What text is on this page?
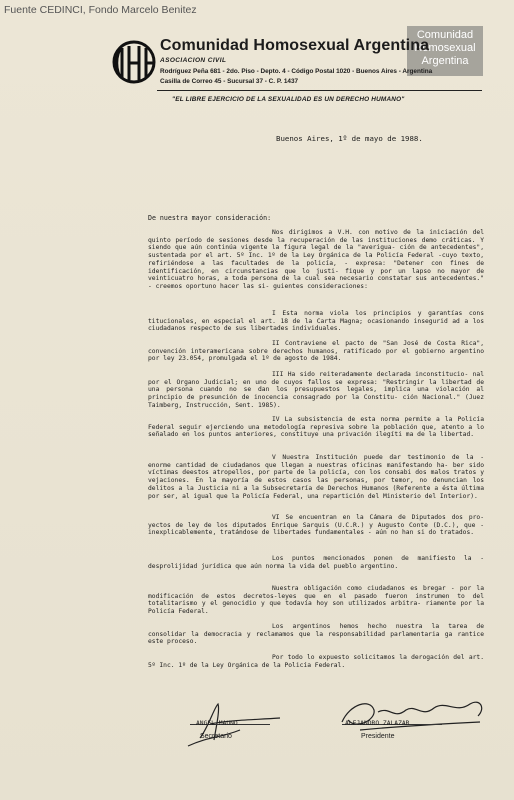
Fuente CEDINCI, Fondo Marcelo Benitez
Comunidad
Homosexual
Argentina
Comunidad Homosexual Argentina
ASOCIACION CIVIL
Rodríguez Peña 681 - 2do. Piso - Depto. 4 - Código Postal 1020 - Buenos Aires - Argentina
Casilla de Correo 45 - Sucursal 37 - C. P. 1437
"EL LIBRE EJERCICIO DE LA SEXUALIDAD ES UN DERECHO HUMANO"
Buenos Aires, 1º de mayo de 1988.
De nuestra mayor consideración:
Nos dirigimos a V.H. con motivo de la iniciación del quinto período de sesiones desde la recuperación de las instituciones demo cráticas. Y siendo que aún continúa vigente la figura legal de la "averigua- ción de antecedentes", sustentada por el art. 5º Inc. 1º de la Ley Orgánica de la Policía Federal -cuyo texto, refiriéndose a las facultades de la policía, - expresa: "Detener con fines de identificación, en circunstancias que lo justi- fique y por un lapso no mayor de veinticuatro horas, a toda persona de la cual sea necesario constatar sus antecedentes." - creemos oportuno hacer las si- guientes consideraciones:
I Esta norma viola los principios y garantías cons titucionales, en especial el art. 18 de la Carta Magna; ocasionando insegurid ad a los ciudadanos respecto de sus libertades individuales.
II Contraviene el pacto de "San José de Costa Rica", convención interamericana sobre derechos humanos, ratificado por el gobierno argentino por ley 23.054, promulgada el 1º de agosto de 1984.
III Ha sido reiteradamente declarada inconstitucio- nal por el Organo Judicial; en uno de cuyos fallos se expresa: "Restringir la libertad de una persona cuando no se dan los presupuestos legales, implica una violación al principio de presunción de inocencia consagrado por la Constitu- ción Nacional." (Juez Taimberg, Instrucción, Sent. 1985).
IV La subsistencia de esta norma permite a la Policía Federal seguir ejerciendo una metodología represiva sobre la población que, atento a lo señalado en los puntos anteriores, constituye una privación ilegíti ma de la libertad.
V Nuestra Institución puede dar testimonio de la - enorme cantidad de ciudadanos que llegan a nuestras oficinas manifestando ha- ber sido víctimas deestos atropellos, por parte de la policía, con los consabi dos malos tratos y vejaciones. En la mayoría de estos casos las personas, por temor, no denuncian los delitos a la Justicia ni a la Subsecretaría de Derechos Humanos (Referente a ésta última por ser, al igual que la Policía Federal, una repartición del Ministerio del Interior).
VI Se encuentran en la Cámara de Diputados dos pro- yectos de ley de los diputados Enrique Sarquis (U.C.R.) y Augusto Conte (D.C.), que -inexplicablemente, tratándose de libertades fundamentales - aún no han si do tratados.
Los puntos mencionados ponen de manifiesto la - desprolijidad jurídica que aún norma la vida del pueblo argentino.
Nuestra obligación como ciudadanos es bregar - por la modificación de estos decretos-leyes que en el pasado fueron instrumen to del totalitarismo y el genocidio y que todavía hoy son utilizados arbitra- riamente por la Policía Federal.
Los argentinos hemos hecho nuestra la tarea de consolidar la democracia y reclamamos que la responsabilidad parlamentaria ga rantice este proceso.
Por todo lo expuesto solicitamos la derogación del art. 5º Inc. 1º de la Ley Orgánica de la Policía Federal.
ANGEL MAUNO
Secretario
ALEJANDRO ZALAZAR
Presidente
